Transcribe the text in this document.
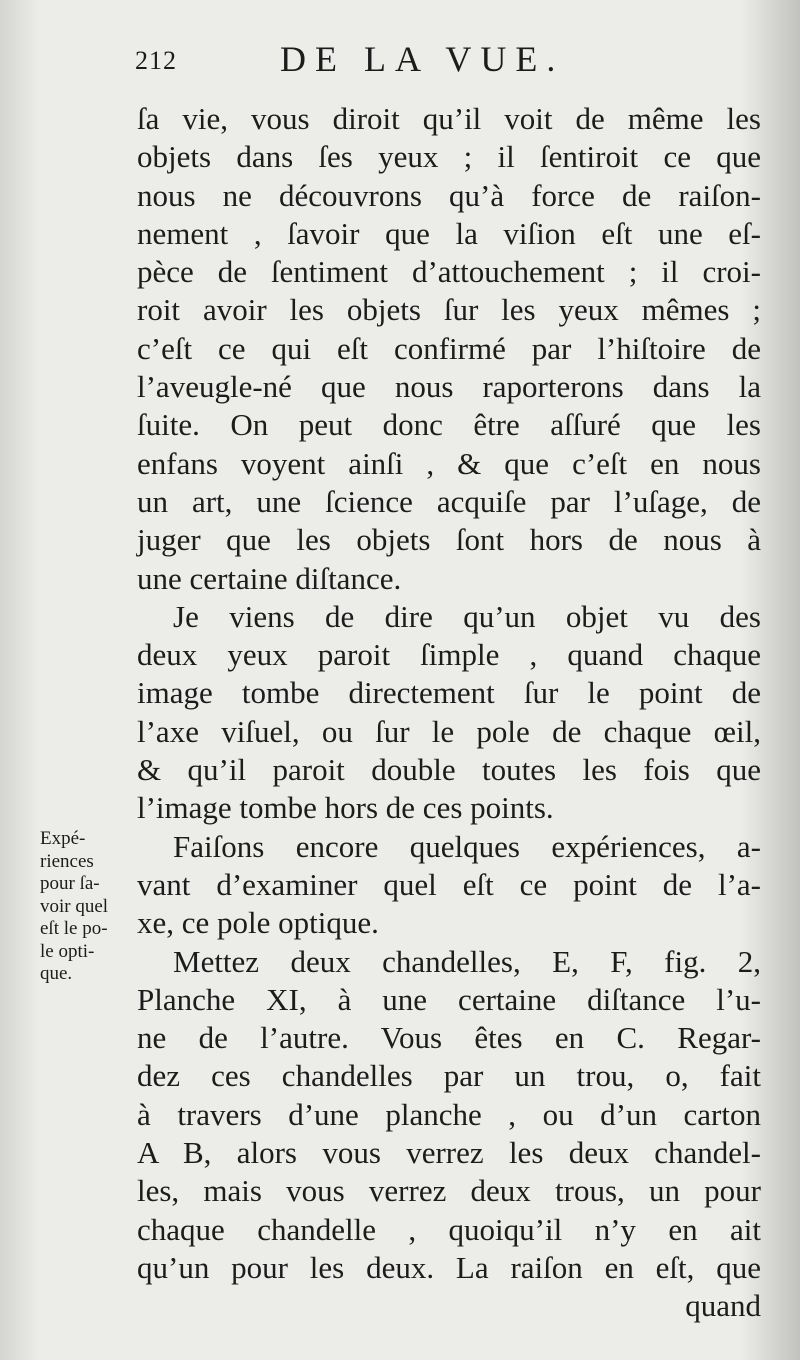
212	DE LA VUE.
ſa vie, vous diroit qu’il voit de même les
objets dans ſes yeux ; il ſentiroit ce que
nous ne découvrons qu’à force de raiſon-
nement , ſavoir que la viſion eſt une eſ-
pèce de ſentiment d’attouchement ; il croi-
roit avoir les objets ſur les yeux mêmes ;
c’eſt ce qui eſt confirmé par l’hiſtoire de
l’aveugle-né que nous raporterons dans la
ſuite. On peut donc être aſſuré que les
enfans voyent ainſi , & que c’eſt en nous
un art, une ſcience acquiſe par l’uſage, de
juger que les objets ſont hors de nous à
une certaine diſtance.
Je viens de dire qu’un objet vu des
deux yeux paroit ſimple , quand chaque
image tombe directement ſur le point de
l’axe viſuel, ou ſur le pole de chaque œil,
& qu’il paroit double toutes les fois que
l’image tombe hors de ces points.
Faiſons encore quelques expériences, a-
vant d’examiner quel eſt ce point de l’a-
xe, ce pole optique.
Mettez deux chandelles, E, F, fig. 2,
Planche XI, à une certaine diſtance l’u-
ne de l’autre. Vous êtes en C. Regar-
dez ces chandelles par un trou, o, fait
à travers d’une planche , ou d’un carton
A B, alors vous verrez les deux chandel-
les, mais vous verrez deux trous, un pour
chaque chandelle , quoiqu’il n’y en ait
qu’un pour les deux. La raiſon en eſt, que
quand
Expé-
riences
pour ſa-
voir quel
eſt le po-
le opti-
que.
